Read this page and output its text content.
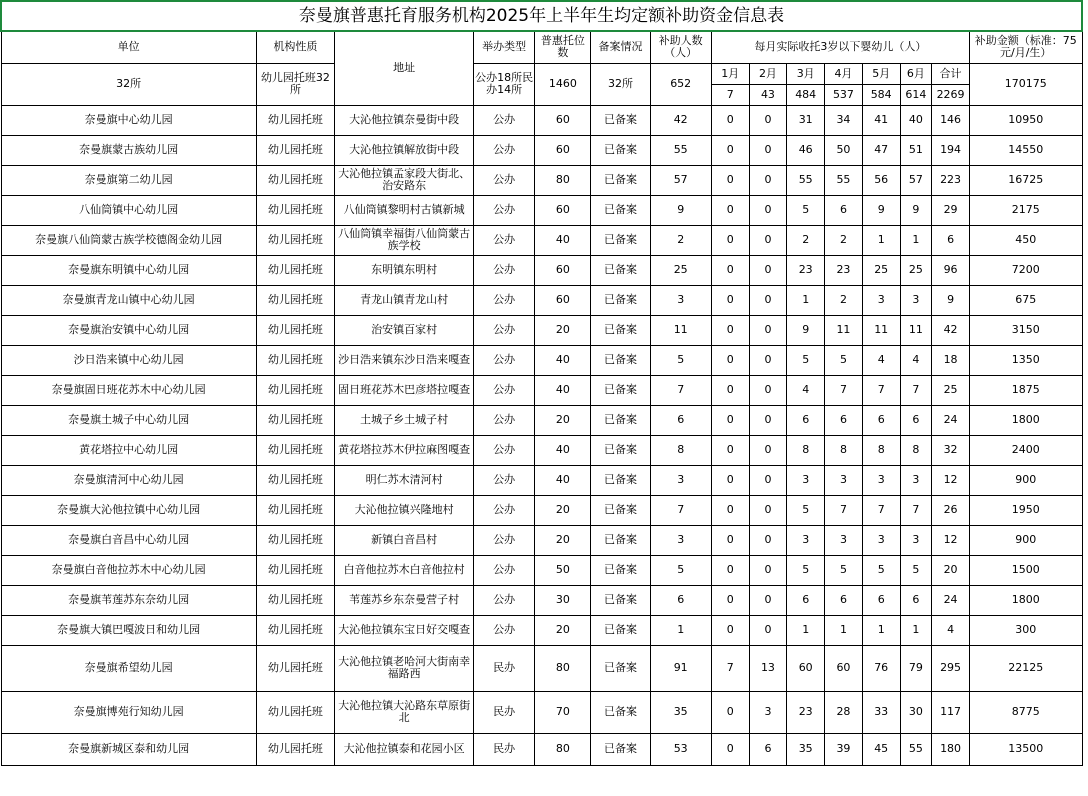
奈曼旗普惠托育服务机构2025年上半年生均定额补助资金信息表														
单位	机构性质	地址	举办类型	普惠托位数	备案情况	补助人数（人）	每月实际收托3岁以下婴幼儿（人）							补助金额（标准：75元/月/生）
32所	幼儿园托班32所		公办18所民办14所	1460	32所	652	1月	2月	3月	4月	5月	6月	合计	170175
							7	43	484	537	584	614	2269	
奈曼旗中心幼儿园	幼儿园托班	大沁他拉镇奈曼街中段	公办	60	已备案	42	0	0	31	34	41	40	146	10950
奈曼旗蒙古族幼儿园	幼儿园托班	大沁他拉镇解放街中段	公办	60	已备案	55	0	0	46	50	47	51	194	14550
奈曼旗第二幼儿园	幼儿园托班	大沁他拉镇孟家段大街北、治安路东	公办	80	已备案	57	0	0	55	55	56	57	223	16725
八仙筒镇中心幼儿园	幼儿园托班	八仙筒镇黎明村古镇新城	公办	60	已备案	9	0	0	5	6	9	9	29	2175
奈曼旗八仙筒蒙古族学校德阁金幼儿园	幼儿园托班	八仙筒镇幸福街八仙筒蒙古族学校	公办	40	已备案	2	0	0	2	2	1	1	6	450
奈曼旗东明镇中心幼儿园	幼儿园托班	东明镇东明村	公办	60	已备案	25	0	0	23	23	25	25	96	7200
奈曼旗青龙山镇中心幼儿园	幼儿园托班	青龙山镇青龙山村	公办	60	已备案	3	0	0	1	2	3	3	9	675
奈曼旗治安镇中心幼儿园	幼儿园托班	治安镇百家村	公办	20	已备案	11	0	0	9	11	11	11	42	3150
沙日浩来镇中心幼儿园	幼儿园托班	沙日浩来镇东沙日浩来嘎查	公办	40	已备案	5	0	0	5	5	4	4	18	1350
奈曼旗固日班花苏木中心幼儿园	幼儿园托班	固日班花苏木巴彦塔拉嘎查	公办	40	已备案	7	0	0	4	7	7	7	25	1875
奈曼旗土城子中心幼儿园	幼儿园托班	土城子乡土城子村	公办	20	已备案	6	0	0	6	6	6	6	24	1800
黄花塔拉中心幼儿园	幼儿园托班	黄花塔拉苏木伊拉麻图嘎查	公办	40	已备案	8	0	0	8	8	8	8	32	2400
奈曼旗清河中心幼儿园	幼儿园托班	明仁苏木清河村	公办	40	已备案	3	0	0	3	3	3	3	12	900
奈曼旗大沁他拉镇中心幼儿园	幼儿园托班	大沁他拉镇兴隆地村	公办	20	已备案	7	0	0	5	7	7	7	26	1950
奈曼旗白音昌中心幼儿园	幼儿园托班	新镇白音昌村	公办	20	已备案	3	0	0	3	3	3	3	12	900
奈曼旗白音他拉苏木中心幼儿园	幼儿园托班	白音他拉苏木白音他拉村	公办	50	已备案	5	0	0	5	5	5	5	20	1500
奈曼旗苇莲苏东奈幼儿园	幼儿园托班	苇莲苏乡东奈曼营子村	公办	30	已备案	6	0	0	6	6	6	6	24	1800
奈曼旗大镇巴嘎波日和幼儿园	幼儿园托班	大沁他拉镇东宝日好交嘎查	公办	20	已备案	1	0	0	1	1	1	1	4	300
奈曼旗希望幼儿园	幼儿园托班	大沁他拉镇老哈河大街南幸福路西	民办	80	已备案	91	7	13	60	60	76	79	295	22125
奈曼旗博苑行知幼儿园	幼儿园托班	大沁他拉镇大沁路东草原街北	民办	70	已备案	35	0	3	23	28	33	30	117	8775
奈曼旗新城区泰和幼儿园	幼儿园托班	大沁他拉镇泰和花园小区	民办	80	已备案	53	0	6	35	39	45	55	180	13500
